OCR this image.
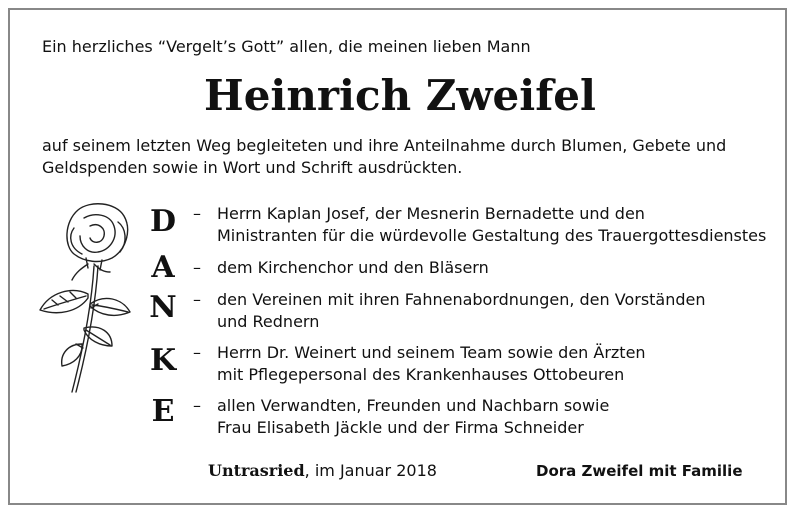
Ein herzliches “Vergelt’s Gott” allen, die meinen lieben Mann
Heinrich Zweifel
auf seinem letzten Weg begleiteten und ihre Anteilnahme durch Blumen, Gebete und
Geldspenden sowie in Wort und Schrift ausdrückten.
D – Herrn Kaplan Josef, der Mesnerin Bernadette und den
Ministranten für die würdevolle Gestaltung des Trauergottesdienstes
A – dem Kirchenchor und den Bläsern
N – den Vereinen mit ihren Fahnenabordnungen, den Vorständen
und Rednern
K – Herrn Dr. Weinert und seinem Team sowie den Ärzten
mit Pflegepersonal des Krankenhauses Ottobeuren
E – allen Verwandten, Freunden und Nachbarn sowie
Frau Elisabeth Jäckle und der Firma Schneider
Untrasried, im Januar 2018	Dora Zweifel mit Familie
